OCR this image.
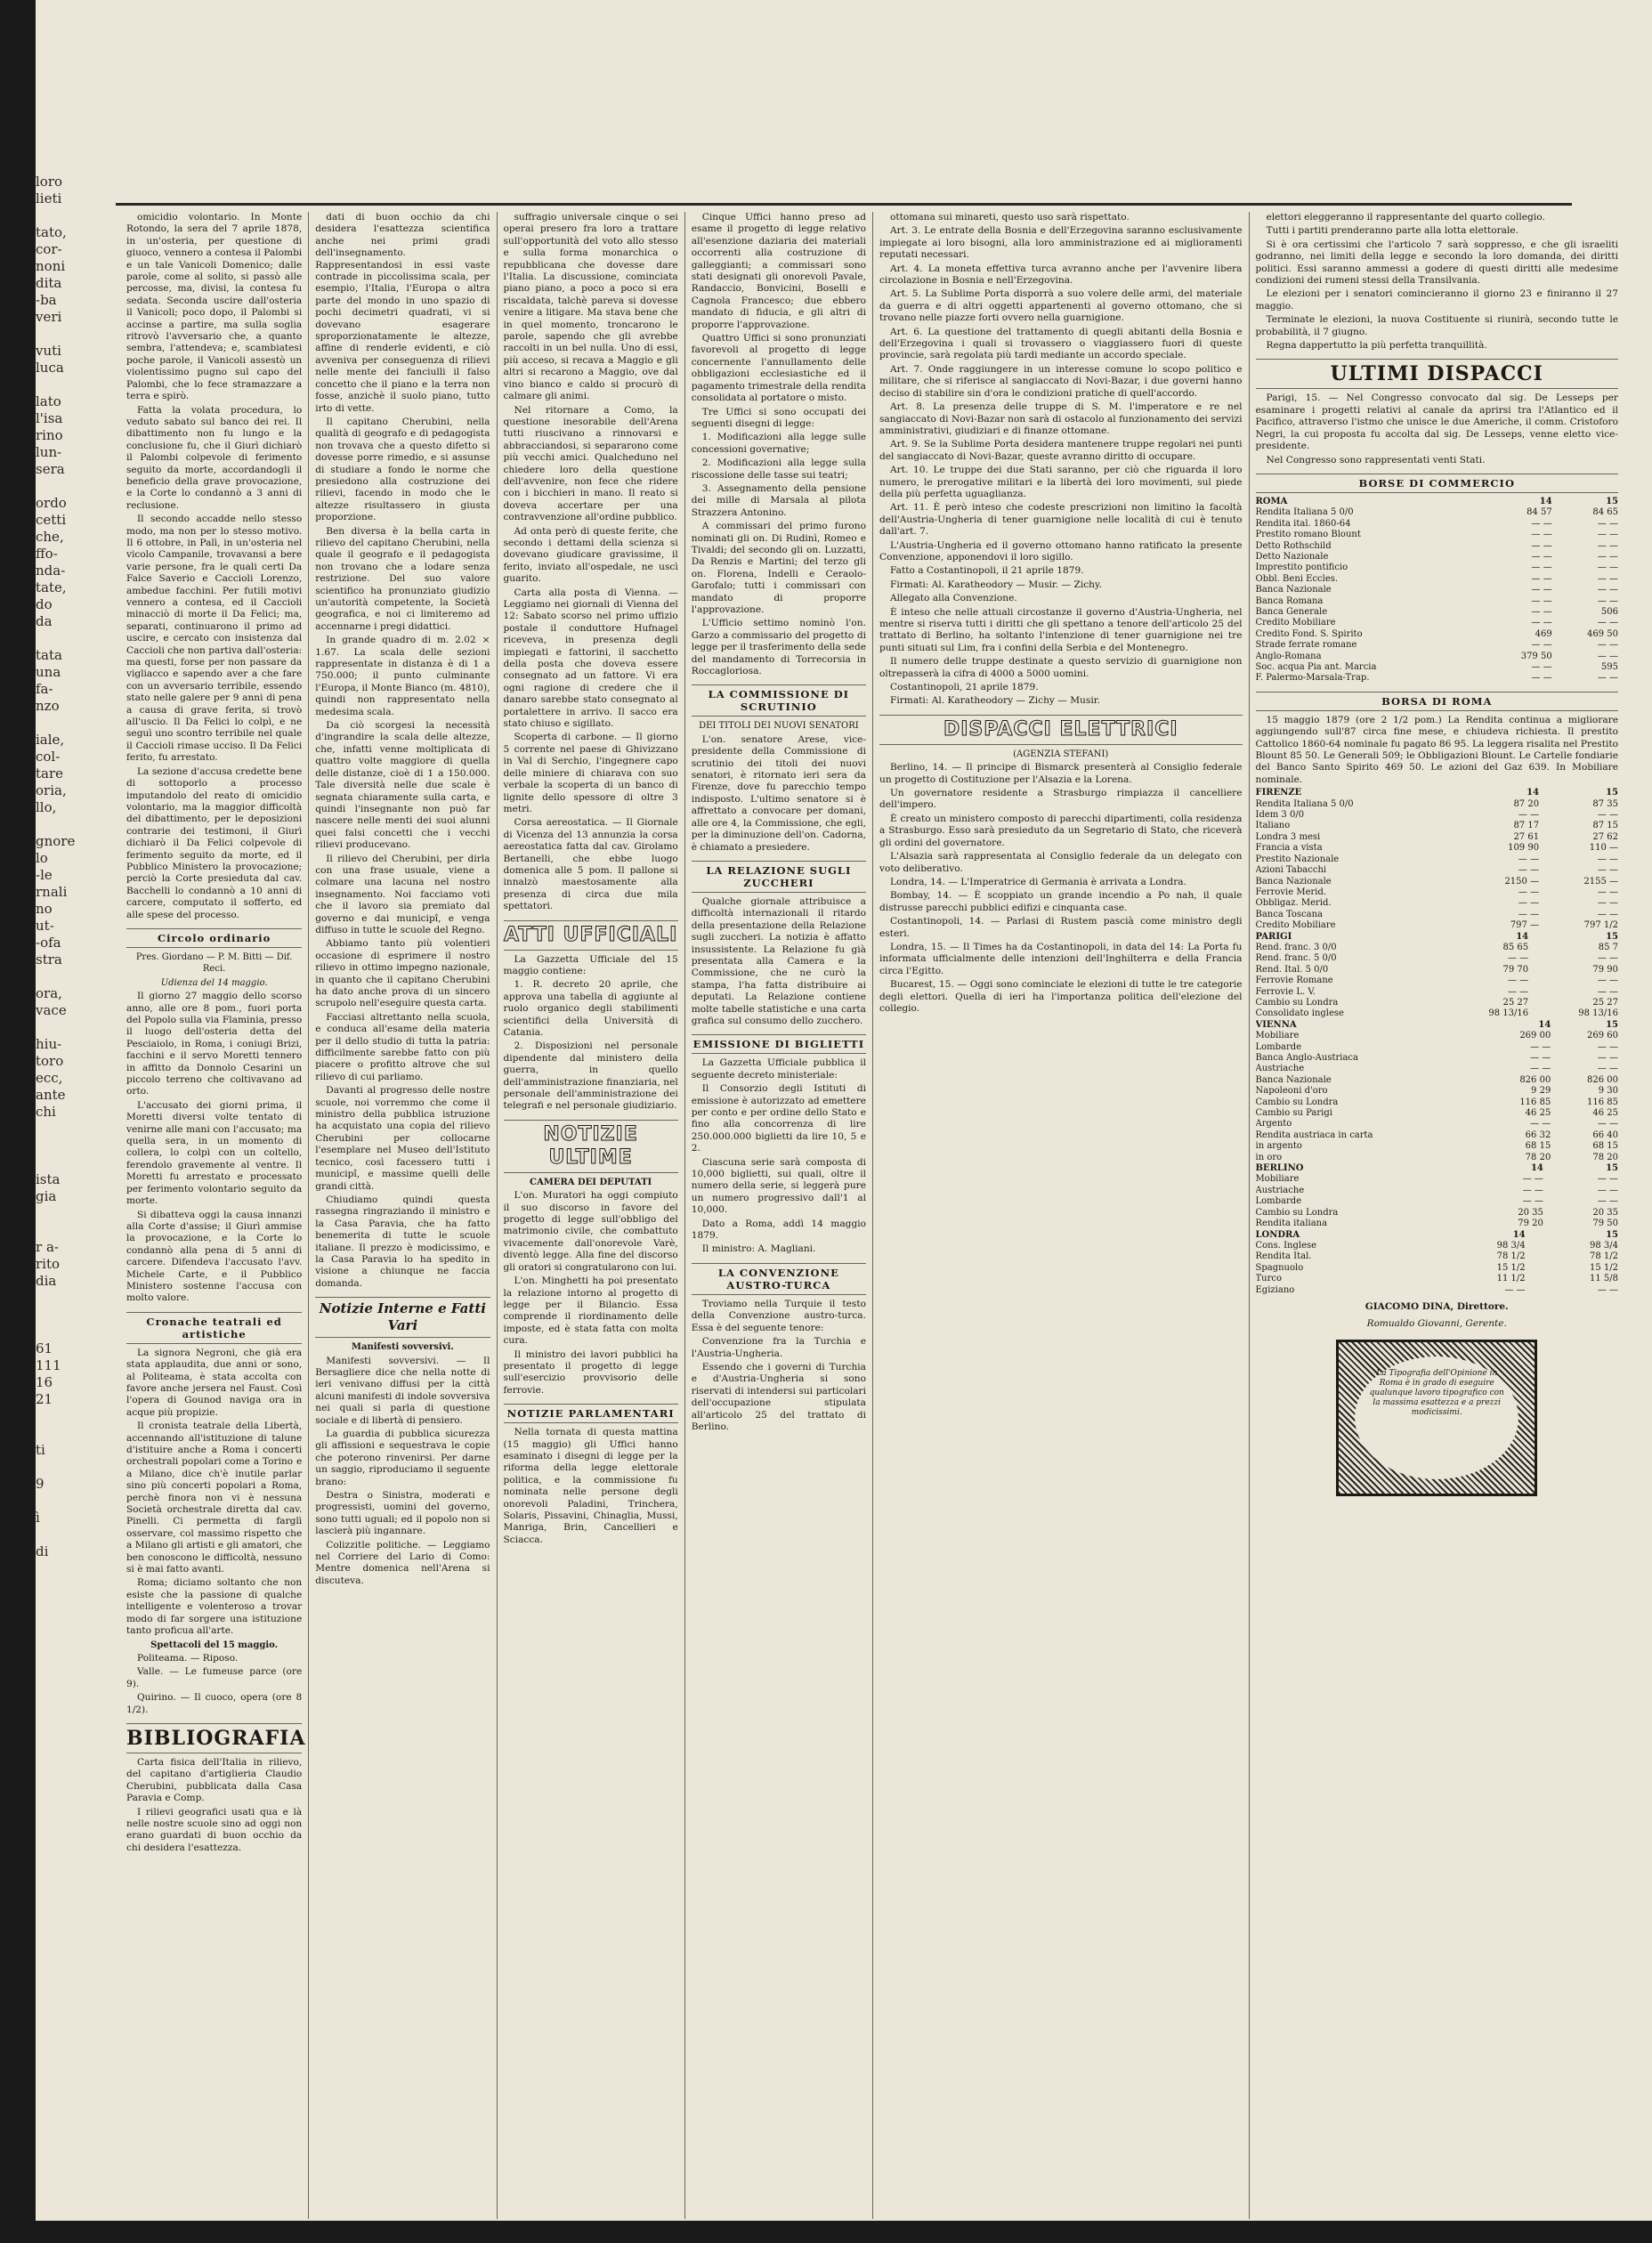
loro
lieti

tato,
cor-
noni
dita
-ba
veri

vuti
luca

lato
l'isa
rino
lun-
sera

ordo
cetti
che,
ffo-
nda-
tate,
do
da

tata
una
fa-
nzo

iale,
col-
tare
oria,
llo,

gnore
lo
-le
rnali
no
ut-
-ofa
stra

ora,
vace

hiu-
toro
ecc,
ante
chi

ista
gia

r a-
rito
dia

61
111
16
21

ti

9

ì

di

omicidio volontario. In Monte Rotondo, la sera del 7 aprile 1878, in un'osteria, per questione di giuoco, vennero a contesa il Palombi e un tale Vanicoli Domenico; dalle parole, come al solito, si passò alle percosse, ma, divisi, la contesa fu sedata. Seconda uscire dall'osteria il Vanicoli; poco dopo, il Palombi si accinse a partire, ma sulla soglia ritrovò l'avversario che, a quanto sembra, l'attendeva; e, scambiatesi poche parole, il Vanicoli assestò un violentissimo pugno sul capo del Palombi, che lo fece stramazzare a terra e spirò.

Fatta la volata procedura, lo veduto sabato sul banco dei rei. Il dibattimento non fu lungo e la conclusione fu, che il Giurì dichiarò il Palombi colpevole di ferimento seguito da morte, accordandogli il beneficio della grave provocazione, e la Corte lo condannò a 3 anni di reclusione.

Il secondo accadde nello stesso modo, ma non per lo stesso motivo. Il 6 ottobre, in Palì, in un'osteria nel vicolo Campanile, trovavansi a bere varie persone, fra le quali certi Da Falce Saverio e Caccioli Lorenzo, ambedue facchini. Per futili motivi vennero a contesa, ed il Caccioli minacciò di morte il Da Felici; ma, separati, continuarono il primo ad uscire, e cercato con insistenza dal Caccioli che non partiva dall'osteria: ma questi, forse per non passare da vigliacco e sapendo aver a che fare con un avversario terribile, essendo stato nelle galere per 9 anni di pena a causa di grave ferita, si trovò all'uscio. Il Da Felici lo colpì, e ne seguì uno scontro terribile nel quale il Caccioli rimase ucciso. Il Da Felici ferito, fu arrestato.

La sezione d'accusa credette bene di sottoporlo a processo imputandolo del reato di omicidio volontario, ma la maggior difficoltà del dibattimento, per le deposizioni contrarie dei testimoni, il Giurì dichiarò il Da Felici colpevole di ferimento seguito da morte, ed il Pubblico Ministero la provocazione; perciò la Corte presieduta dal cav. Bacchelli lo condannò a 10 anni di carcere, computato il sofferto, ed alle spese del processo.

Circolo ordinario
Pres. Giordano — P. M. Bitti — Dif. Reci.
Udienza del 14 maggio.

Il giorno 27 maggio dello scorso anno, alle ore 8 pom., fuori porta del Popolo sulla via Flaminia, presso il luogo dell'osteria detta del Pesciaiolo, in Roma, i coniugi Brizi, facchini e il servo Moretti tennero in affitto da Donnolo Cesarini un piccolo terreno che coltivavano ad orto.

L'accusato dei giorni prima, il Moretti diversi volte tentato di venirne alle mani con l'accusato; ma quella sera, in un momento di collera, lo colpì con un coltello, ferendolo gravemente al ventre. Il Moretti fu arrestato e processato per ferimento volontario seguito da morte.

Si dibatteva oggi la causa innanzi alla Corte d'assise; il Giurì ammise la provocazione, e la Corte lo condannò alla pena di 5 anni di carcere. Difendeva l'accusato l'avv. Michele Carte, e il Pubblico Ministero sostenne l'accusa con molto valore.

Cronache teatrali ed artistiche

La signora Negroni, che già era stata applaudita, due anni or sono, al Politeama, è stata accolta con favore anche jersera nel Faust. Così l'opera di Gounod naviga ora in acque più propizie.

Il cronista teatrale della Libertà, accennando all'istituzione di talune d'istituire anche a Roma i concerti orchestrali popolari come a Torino e a Milano, dice ch'è inutile parlar sino più concerti popolari a Roma, perchè finora non vi è nessuna Società orchestrale diretta dal cav. Pinelli. Ci permetta di farglì osservare, col massimo rispetto che a Milano gli artisti e gli amatori, che ben conoscono le difficoltà, nessuno si è mai fatto avanti.

Roma; diciamo soltanto che non esiste che la passione di qualche intelligente e volenteroso a trovar modo di far sorgere una istituzione tanto proficua all'arte.

Spettacoli del 15 maggio.

Politeama. — Riposo.

Valle. — Le fumeuse parce (ore 9).

Quirino. — Il cuoco, opera (ore 8 1/2).

BIBLIOGRAFIA

Carta fisica dell'Italia in rilievo, del capitano d'artiglieria Claudio Cherubini, pubblicata dalla Casa Paravia e Comp.

I rilievi geografici usati qua e là nelle nostre scuole sino ad oggi non erano guardati di buon occhio da chi desidera l'esattezza.

dati di buon occhio da chi desidera l'esattezza scientifica anche nei primi gradi dell'insegnamento. Rappresentandosi in essi vaste contrade in piccolissima scala, per esempio, l'Italia, l'Europa o altra parte del mondo in uno spazio di pochi decimetri quadrati, vi si dovevano esagerare sproporzionatamente le altezze, affine di renderle evidenti, e ciò avveniva per conseguenza di rilievi nelle mente dei fanciulli il falso concetto che il piano e la terra non fosse, anzichè il suolo piano, tutto irto di vette.

Il capitano Cherubini, nella qualità di geografo e di pedagogista non trovava che a questo difetto si dovesse porre rimedio, e si assunse di studiare a fondo le norme che presiedono alla costruzione dei rilievi, facendo in modo che le altezze risultassero in giusta proporzione.

Ben diversa è la bella carta in rilievo del capitano Cherubini, nella quale il geografo e il pedagogista non trovano che a lodare senza restrizione. Del suo valore scientifico ha pronunziato giudizio un'autorità competente, la Società geografica, e noi ci limiteremo ad accennarne i pregi didattici.

In grande quadro di m. 2.02 × 1.67. La scala delle sezioni rappresentate in distanza è di 1 a 750.000; il punto culminante l'Europa, il Monte Bianco (m. 4810), quindi non rappresentato nella medesima scala.

Da ciò scorgesi la necessità d'ingrandire la scala delle altezze, che, infatti venne moltiplicata di quattro volte maggiore di quella delle distanze, cioè di 1 a 150.000. Tale diversità nelle due scale è segnata chiaramente sulla carta, e quindi l'insegnante non può far nascere nelle menti dei suoi alunni quei falsi concetti che i vecchi rilievi producevano.

Il rilievo del Cherubini, per dirla con una frase usuale, viene a colmare una lacuna nel nostro insegnamento. Noi facciamo voti che il lavoro sia premiato dal governo e dai municipî, e venga diffuso in tutte le scuole del Regno.

Abbiamo tanto più volentieri occasione di esprimere il nostro rilievo in ottimo impegno nazionale, in quanto che il capitano Cherubini ha dato anche prova di un sincero scrupolo nell'eseguire questa carta.

Facciasi altrettanto nella scuola, e conduca all'esame della materia per il dello studio di tutta la patria: difficilmente sarebbe fatto con più piacere o profitto altrove che sul rilievo di cui parliamo.

Davanti al progresso delle nostre scuole, noi vorremmo che come il ministro della pubblica istruzione ha acquistato una copia del rilievo Cherubini per collocarne l'esemplare nel Museo dell'Istituto tecnico, così facessero tutti i municipî, e massime quelli delle grandi città.

Chiudiamo quindi questa rassegna ringraziando il ministro e la Casa Paravia, che ha fatto benemerita di tutte le scuole italiane. Il prezzo è modicissimo, e la Casa Paravia lo ha spedito in visione a chiunque ne faccia domanda.

Notizie Interne e Fatti Vari
Manifesti sovversivi.

Manifesti sovversivi. — Il Bersagliere dice che nella notte di ieri venivano diffusi per la città alcuni manifesti di indole sovversiva nei quali si parla di questione sociale e di libertà di pensiero.

La guardia di pubblica sicurezza gli affissioni e sequestrava le copie che poterono rinvenirsi. Per darne un saggio, riproduciamo il seguente brano:

Destra o Sinistra, moderati e progressisti, uomini del governo, sono tutti uguali; ed il popolo non si lascierà più ingannare.

Colizzitle politiche. — Leggiamo nel Corriere del Lario di Como: Mentre domenica nell'Arena si discuteva.

suffragio universale cinque o sei operai presero fra loro a trattare sull'opportunità del voto allo stesso e sulla forma monarchica o repubblicana che dovesse dare l'Italia. La discussione, cominciata piano piano, a poco a poco si era riscaldata, talchè pareva si dovesse venire a litigare. Ma stava bene che in quel momento, troncarono le parole, sapendo che gli avrebbe raccolti in un bel nulla. Uno di essi, più acceso, si recava a Maggio e gli altri si recarono a Maggio, ove dal vino bianco e caldo si procurò di calmare gli animi.

Nel ritornare a Como, la questione inesorabile dell'Arena tutti riuscivano a rinnovarsi e abbracciandosi, si separarono come più vecchi amici. Qualcheduno nel chiedere loro della questione dell'avvenire, non fece che ridere con i bicchieri in mano. Il reato si doveva accertare per una contravvenzione all'ordine pubblico.

Ad onta però di queste ferite, che secondo i dettami della scienza si dovevano giudicare gravissime, il ferito, inviato all'ospedale, ne uscì guarito.

Carta alla posta di Vienna. — Leggiamo nei giornali di Vienna del 12: Sabato scorso nel primo uffizio postale il conduttore Hufnagel riceveva, in presenza degli impiegati e fattorini, il sacchetto della posta che doveva essere consegnato ad un fattore. Vi era ogni ragione di credere che il danaro sarebbe stato consegnato al portalettere in arrivo. Il sacco era stato chiuso e sigillato.

Scoperta di carbone. — Il giorno 5 corrente nel paese di Ghivizzano in Val di Serchio, l'ingegnere capo delle miniere di chiarava con suo verbale la scoperta di un banco di lignite dello spessore di oltre 3 metri.

Corsa aereostatica. — Il Giornale di Vicenza del 13 annunzia la corsa aereostatica fatta dal cav. Girolamo Bertanelli, che ebbe luogo domenica alle 5 pom. Il pallone si innalzò maestosamente alla presenza di circa due mila spettatori.

ATTI UFFICIALI

La Gazzetta Ufficiale del 15 maggio contiene:

1. R. decreto 20 aprile, che approva una tabella di aggiunte al ruolo organico degli stabilimenti scientifici della Università di Catania.

2. Disposizioni nel personale dipendente dal ministero della guerra, in quello dell'amministrazione finanziaria, nel personale dell'amministrazione dei telegrafi e nel personale giudiziario.

NOTIZIE ULTIME
CAMERA DEI DEPUTATI

L'on. Muratori ha oggi compiuto il suo discorso in favore del progetto di legge sull'obbligo del matrimonio civile, che combattuto vivacemente dall'onorevole Varè, diventò legge. Alla fine del discorso gli oratori si congratularono con lui.

L'on. Minghetti ha poi presentato la relazione intorno al progetto di legge per il Bilancio. Essa comprende il riordinamento delle imposte, ed è stata fatta con molta cura.

Il ministro dei lavori pubblici ha presentato il progetto di legge sull'esercizio provvisorio delle ferrovie.

NOTIZIE PARLAMENTARI

Nella tornata di questa mattina (15 maggio) gli Uffici hanno esaminato i disegni di legge per la riforma della legge elettorale politica, e la commissione fu nominata nelle persone degli onorevoli Paladini, Trinchera, Solaris, Pissavini, Chinaglia, Mussi, Manriga, Brin, Cancellieri e Sciacca.

Cinque Uffici hanno preso ad esame il progetto di legge relativo all'esenzione daziaria dei materiali occorrenti alla costruzione di galleggianti; a commissari sono stati designati gli onorevoli Pavale, Randaccio, Bonvicini, Boselli e Cagnola Francesco; due ebbero mandato di fiducia, e gli altri di proporre l'approvazione.

Quattro Uffici si sono pronunziati favorevoli al progetto di legge concernente l'annullamento delle obbligazioni ecclesiastiche ed il pagamento trimestrale della rendita consolidata al portatore o misto.

Tre Uffici si sono occupati dei seguenti disegni di legge:

1. Modificazioni alla legge sulle concessioni governative;

2. Modificazioni alla legge sulla riscossione delle tasse sui teatri;

3. Assegnamento della pensione dei mille di Marsala al pilota Strazzera Antonino.

A commissari del primo furono nominati gli on. Di Rudinì, Romeo e Tivaldi; del secondo gli on. Luzzatti, Da Renzis e Martini; del terzo gli on. Florena, Indelli e Ceraolo-Garofalo; tutti i commissari con mandato di proporre l'approvazione.

L'Ufficio settimo nominò l'on. Garzo a commissario del progetto di legge per il trasferimento della sede del mandamento di Torrecorsia in Roccagloriosa.

LA COMMISSIONE DI SCRUTINIO
DEI TITOLI DEI NUOVI SENATORI

L'on. senatore Arese, vice-presidente della Commissione di scrutinio dei titoli dei nuovi senatori, è ritornato ieri sera da Firenze, dove fu parecchio tempo indisposto. L'ultimo senatore si è affrettato a convocare per domani, alle ore 4, la Commissione, che egli, per la diminuzione dell'on. Cadorna, è chiamato a presiedere.

LA RELAZIONE SUGLI ZUCCHERI

Qualche giornale attribuisce a difficoltà internazionali il ritardo della presentazione della Relazione sugli zuccheri. La notizia è affatto insussistente. La Relazione fu già presentata alla Camera e la Commissione, che ne curò la stampa, l'ha fatta distribuire ai deputati. La Relazione contiene molte tabelle statistiche e una carta grafica sul consumo dello zucchero.

EMISSIONE DI BIGLIETTI

La Gazzetta Ufficiale pubblica il seguente decreto ministeriale:

Il Consorzio degli Istituti di emissione è autorizzato ad emettere per conto e per ordine dello Stato e fino alla concorrenza di lire 250.000.000 biglietti da lire 10, 5 e 2.

Ciascuna serie sarà composta di 10,000 biglietti, sui quali, oltre il numero della serie, si leggerà pure un numero progressivo dall'1 al 10,000.

Dato a Roma, addì 14 maggio 1879.

Il ministro: A. Magliani.

LA CONVENZIONE AUSTRO-TURCA

Troviamo nella Turquie il testo della Convenzione austro-turca. Essa è del seguente tenore:

Convenzione fra la Turchia e l'Austria-Ungheria.

Essendo che i governi di Turchia e d'Austria-Ungheria si sono riservati di intendersi sui particolari dell'occupazione stipulata all'articolo 25 del trattato di Berlino.

ottomana sui minareti, questo uso sarà rispettato.

Art. 3. Le entrate della Bosnia e dell'Erzegovina saranno esclusivamente impiegate ai loro bisogni, alla loro amministrazione ed ai miglioramenti reputati necessari.

Art. 4. La moneta effettiva turca avranno anche per l'avvenire libera circolazione in Bosnia e nell'Erzegovina.

Art. 5. La Sublime Porta disporrà a suo volere delle armi, del materiale da guerra e di altri oggetti appartenenti al governo ottomano, che si trovano nelle piazze forti ovvero nella guarnigione.

Art. 6. La questione del trattamento di quegli abitanti della Bosnia e dell'Erzegovina i quali si trovassero o viaggiassero fuori di queste provincie, sarà regolata più tardi mediante un accordo speciale.

Art. 7. Onde raggiungere in un interesse comune lo scopo politico e militare, che si riferisce al sangiaccato di Novi-Bazar, i due governi hanno deciso di stabilire sin d'ora le condizioni pratiche di quell'accordo.

Art. 8. La presenza delle truppe di S. M. l'imperatore e re nel sangiaccato di Novi-Bazar non sarà di ostacolo al funzionamento dei servizi amministrativi, giudiziari e di finanze ottomane.

Art. 9. Se la Sublime Porta desidera mantenere truppe regolari nei punti del sangiaccato di Novi-Bazar, queste avranno diritto di occupare.

Art. 10. Le truppe dei due Stati saranno, per ciò che riguarda il loro numero, le prerogative militari e la libertà dei loro movimenti, sul piede della più perfetta uguaglianza.

Art. 11. È però inteso che codeste prescrizioni non limitino la facoltà dell'Austria-Ungheria di tener guarnigione nelle località di cui è tenuto dall'art. 7.

L'Austria-Ungheria ed il governo ottomano hanno ratificato la presente Convenzione, apponendovi il loro sigillo.

Fatto a Costantinopoli, il 21 aprile 1879.

Firmati: Al. Karatheodory — Musir. — Zichy.

Allegato alla Convenzione.

È inteso che nelle attuali circostanze il governo d'Austria-Ungheria, nel mentre si riserva tutti i diritti che gli spettano a tenore dell'articolo 25 del trattato di Berlino, ha soltanto l'intenzione di tener guarnigione nei tre punti situati sul Lim, fra i confini della Serbia e del Montenegro.

Il numero delle truppe destinate a questo servizio di guarnigione non oltrepasserà la cifra di 4000 a 5000 uomini.

Costantinopoli, 21 aprile 1879.

Firmati: Al. Karatheodory — Zichy — Musir.

DISPACCI ELETTRICI
(AGENZIA STEFANI)

Berlino, 14. — Il principe di Bismarck presenterà al Consiglio federale un progetto di Costituzione per l'Alsazia e la Lorena.

Un governatore residente a Strasburgo rimpiazza il cancelliere dell'impero.

È creato un ministero composto di parecchi dipartimenti, colla residenza a Strasburgo. Esso sarà presieduto da un Segretario di Stato, che riceverà gli ordini del governatore.

L'Alsazia sarà rappresentata al Consiglio federale da un delegato con voto deliberativo.

Londra, 14. — L'Imperatrice di Germania è arrivata a Londra.

Bombay, 14. — È scoppiato un grande incendio a Po nah, il quale distrusse parecchi pubblici edifizi e cinquanta case.

Costantinopoli, 14. — Parlasi di Rustem pascià come ministro degli esteri.

Londra, 15. — Il Times ha da Costantinopoli, in data del 14: La Porta fu informata ufficialmente delle intenzioni dell'Inghilterra e della Francia circa l'Egitto.

Bucarest, 15. — Oggi sono cominciate le elezioni di tutte le tre categorie degli elettori. Quella di ieri ha l'importanza politica dell'elezione del collegio.

elettori eleggeranno il rappresentante del quarto collegio.

Tutti i partiti prenderanno parte alla lotta elettorale.

Si è ora certissimi che l'articolo 7 sarà soppresso, e che gli israeliti godranno, nei limiti della legge e secondo la loro domanda, dei diritti politici. Essi saranno ammessi a godere di questi diritti alle medesime condizioni dei rumeni stessi della Transilvania.

Le elezioni per i senatori comincieranno il giorno 23 e finiranno il 27 maggio.

Terminate le elezioni, la nuova Costituente si riunirà, secondo tutte le probabilità, il 7 giugno.

Regna dappertutto la più perfetta tranquillità.

ULTIMI DISPACCI

Parigi, 15. — Nel Congresso convocato dal sig. De Lesseps per esaminare i progetti relativi al canale da aprirsi tra l'Atlantico ed il Pacifico, attraverso l'istmo che unisce le due Americhe, il comm. Cristoforo Negri, la cui proposta fu accolta dal sig. De Lesseps, venne eletto vice-presidente.

Nel Congresso sono rappresentati venti Stati.

BORSE DI COMMERCIO
ROMA	14	15
Rendita Italiana 5 0/0	84 57	84 65
Rendita ital. 1860-64	— —	— —
Prestito romano Blount	— —	— —
Detto Rothschild	— —	— —
Detto Nazionale	— —	— —
Imprestito pontificio	— —	— —
Obbl. Beni Eccles.	— —	— —
Banca Nazionale	— —	— —
Banca Romana	— —	— —
Banca Generale	— —	506
Credito Mobiliare	— —	— —
Credito Fond. S. Spirito	469	469 50
Strade ferrate romane	— —	— —
Anglo-Romana	379 50	— —
Soc. acqua Pia ant. Marcia	— —	595
F. Palermo-Marsala-Trap.	— —	— —
BORSA DI ROMA

15 maggio 1879 (ore 2 1/2 pom.) La Rendita continua a migliorare aggiungendo sull'87 circa fine mese, e chiudeva richiesta. Il prestito Cattolico 1860-64 nominale fu pagato 86 95. La leggera risalita nel Prestito Blount 85 50. Le Generali 509; le Obbligazioni Blount. Le Cartelle fondiarie del Banco Santo Spirito 469 50. Le azioni del Gaz 639. In Mobiliare nominale.

FIRENZE	14	15
Rendita Italiana 5 0/0	87 20	87 35
Idem 3 0/0	— —	— —
Italiano	87 17	87 15
Londra 3 mesi	27 61	27 62
Francia a vista	109 90	110 —
Prestito Nazionale	— —	— —
Azioni Tabacchi	— —	— —
Banca Nazionale	2150 —	2155 —
Ferrovie Merid.	— —	— —
Obbligaz. Merid.	— —	— —
Banca Toscana	— —	— —
Credito Mobiliare	797 —	797 1/2
PARIGI	14	15
Rend. franc. 3 0/0	85 65	85 7
Rend. franc. 5 0/0	— —	— —
Rend. Ital. 5 0/0	79 70	79 90
Ferrovie Romane	— —	— —
Ferrovie L. V.	— —	— —
Cambio su Londra	25 27	25 27
Consolidato inglese	98 13/16	98 13/16
VIENNA	14	15
Mobiliare	269 00	269 60
Lombarde	— —	— —
Banca Anglo-Austriaca	— —	— —
Austriache	— —	— —
Banca Nazionale	826 00	826 00
Napoleoni d'oro	9 29	9 30
Cambio su Londra	116 85	116 85
Cambio su Parigi	46 25	46 25
Argento	— —	— —
Rendita austriaca in carta	66 32	66 40
in argento	68 15	68 15
in oro	78 20	78 20
BERLINO	14	15
Mobiliare	— —	— —
Austriache	— —	— —
Lombarde	— —	— —
Cambio su Londra	20 35	20 35
Rendita italiana	79 20	79 50
LONDRA	14	15
Cons. Inglese	98 3/4	98 3/4
Rendita Ital.	78 1/2	78 1/2
Spagnuolo	15 1/2	15 1/2
Turco	11 1/2	11 5/8
Egiziano	— —	— —
GIACOMO DINA, Direttore.
Romualdo Giovanni, Gerente.
La Tipografia dell'Opinione in Roma è in grado di eseguire qualunque lavoro tipografico con la massima esattezza e a prezzi modicissimi.
